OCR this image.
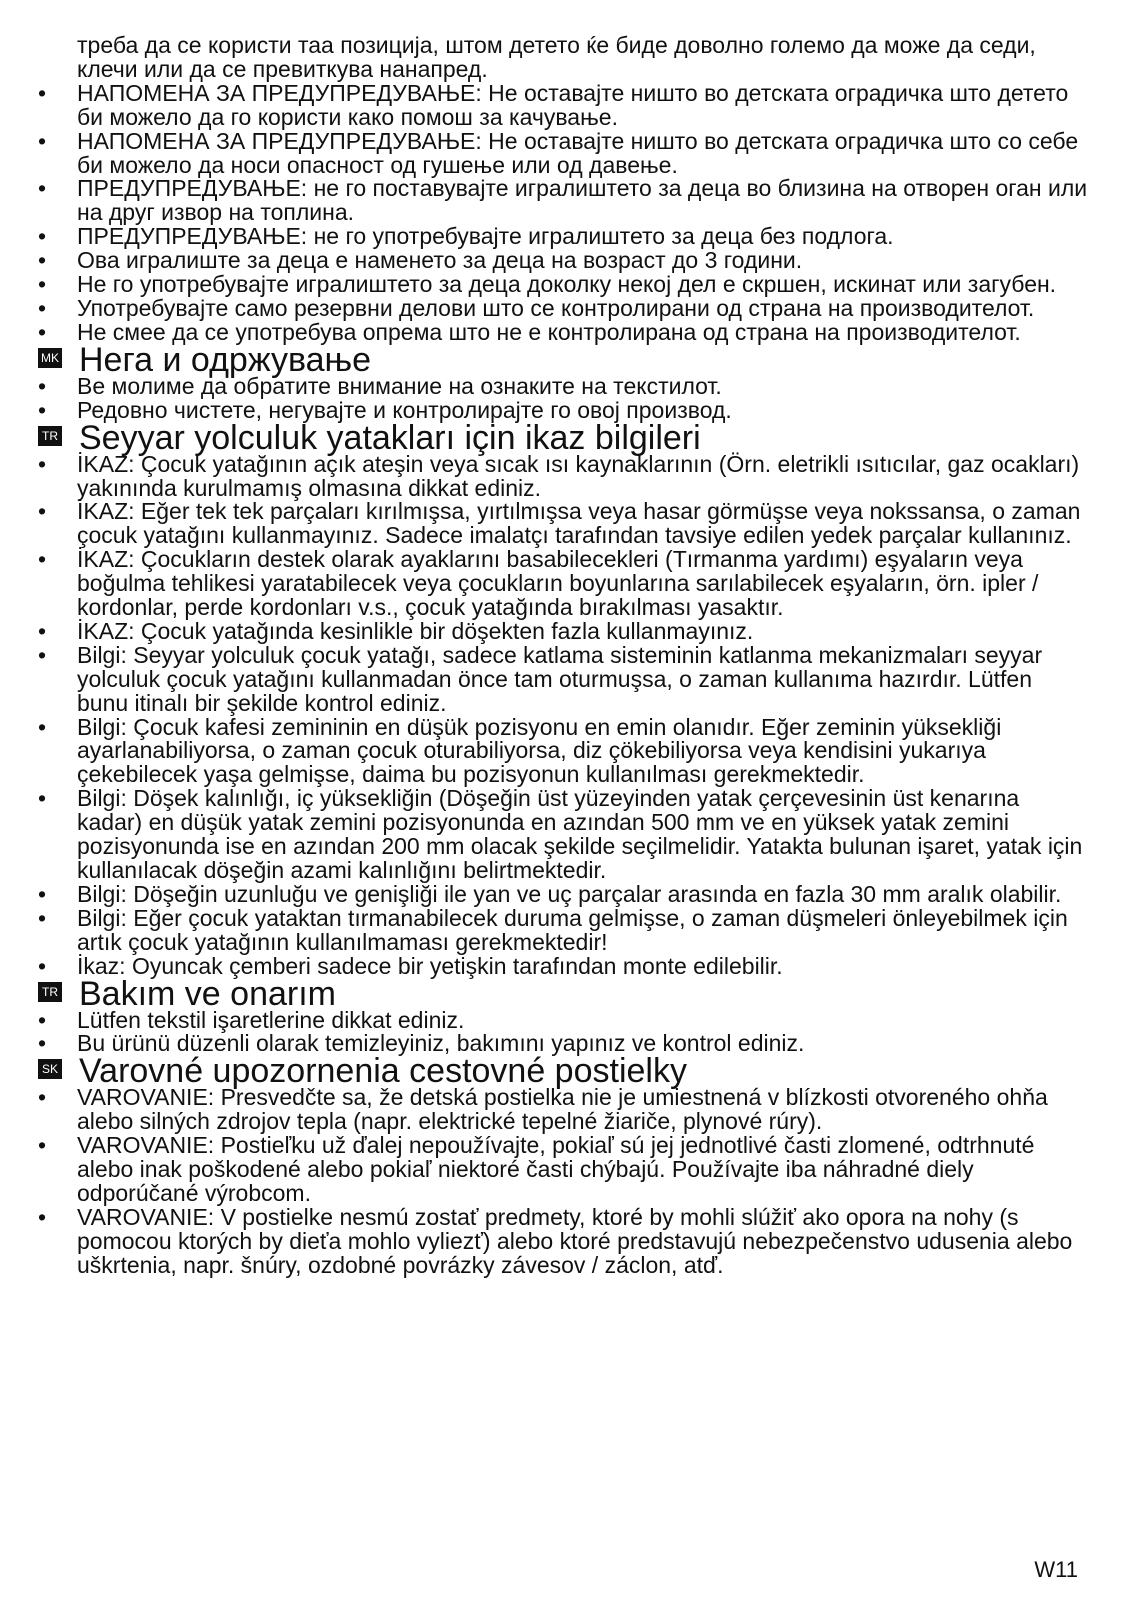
треба да се користи таа позиција, штом детето ќе биде доволно големо да може да седи, клечи или да се превиткува нанапред.
• НАПОМЕНА ЗА ПРЕДУПРЕДУВАЊЕ: Не оставајте ништо во детската оградичка што детето би можело да го користи како помош за качување.
• НАПОМЕНА ЗА ПРЕДУПРЕДУВАЊЕ: Не оставајте ништо во детската оградичка што со себе би можело да носи опасност од гушење или од давење.
• ПРЕДУПРЕДУВАЊЕ: не го поставувајте игралиштето за деца во близина на отворен оган или на друг извор на топлина.
• ПРЕДУПРЕДУВАЊЕ: не го употребувајте игралиштето за деца без подлога.
• Ова игралиште за деца е наменето за деца на возраст до 3 години.
• Не го употребувајте игралиштето за деца доколку некој дел е скршен, искинат или загубен.
• Употребувајте само резервни делови што се контролирани од страна на производителот.
• Не смее да се употребува опрема што не е контролирана од страна на производителот.
MK Нега и одржување
• Ве молиме да обратите внимание на ознаките на текстилот.
• Редовно чистете, негувајте и контролирајте го овој производ.
TR Seyyar yolculuk yatakları için ikaz bilgileri
• İKAZ: Çocuk yatağının açık ateşin veya sıcak ısı kaynaklarının (Örn. eletrikli ısıtıcılar, gaz ocakları) yakınında kurulmamış olmasına dikkat ediniz.
• İKAZ: Eğer tek tek parçaları kırılmışsa, yırtılmışsa veya hasar görmüşse veya nokssansa, o zaman çocuk yatağını kullanmayınız. Sadece imalatçı tarafından tavsiye edilen yedek parçalar kullanınız.
• İKAZ: Çocukların destek olarak ayaklarını basabilecekleri (Tırmanma yardımı) eşyaların veya boğulma tehlikesi yaratabilecek veya çocukların boyunlarına sarılabilecek eşyaların, örn. ipler / kordonlar, perde kordonları v.s., çocuk yatağında bırakılması yasaktır.
• İKAZ: Çocuk yatağında kesinlikle bir döşekten fazla kullanmayınız.
• Bilgi: Seyyar yolculuk çocuk yatağı, sadece katlama sisteminin katlanma mekanizmaları seyyar yolculuk çocuk yatağını kullanmadan önce tam oturmuşsa, o zaman kullanıma hazırdır. Lütfen bunu itinalı bir şekilde kontrol ediniz.
• Bilgi: Çocuk kafesi zemininin en düşük pozisyonu en emin olanıdır. Eğer zeminin yüksekliği ayarlanabiliyorsa, o zaman çocuk oturabiliyorsa, diz çökebiliyorsa veya kendisini yukarıya çekebilecek yaşa gelmişse, daima bu pozisyonun kullanılması gerekmektedir.
• Bilgi: Döşek kalınlığı, iç yüksekliğin (Döşeğin üst yüzeyinden yatak çerçevesinin üst kenarına kadar) en düşük yatak zemini pozisyonunda en azından 500 mm ve en yüksek yatak zemini pozisyonunda ise en azından 200 mm olacak şekilde seçilmelidir. Yatakta bulunan işaret, yatak için kullanılacak döşeğin azami kalınlığını belirtmektedir.
• Bilgi: Döşeğin uzunluğu ve genişliği ile yan ve uç parçalar arasında en fazla 30 mm aralık olabilir.
• Bilgi: Eğer çocuk yataktan tırmanabilecek duruma gelmişse, o zaman düşmeleri önleyebilmek için artık çocuk yatağının kullanılmaması gerekmektedir!
• İkaz: Oyuncak çemberi sadece bir yetişkin tarafından monte edilebilir.
TR Bakım ve onarım
• Lütfen tekstil işaretlerine dikkat ediniz.
• Bu ürünü düzenli olarak temizleyiniz, bakımını yapınız ve kontrol ediniz.
SK Varovné upozornenia cestovné postielky
• VAROVANIE: Presvedčte sa, že detská postielka nie je umiestnená v blízkosti otvoreného ohňa alebo silných zdrojov tepla (napr. elektrické tepelné žiariče, plynové rúry).
• VAROVANIE: Postieľku už ďalej nepoužívajte, pokiaľ sú jej jednotlivé časti zlomené, odtrhnuté alebo inak poškodené alebo pokiaľ niektoré časti chýbajú. Používajte iba náhradné diely odporúčané výrobcom.
• VAROVANIE: V postielke nesmú zostať predmety, ktoré by mohli slúžiť ako opora na nohy (s pomocou ktorých by dieťa mohlo vyliezť) alebo ktoré predstavujú nebezpečenstvo udusenia alebo uškrtenia, napr. šnúry, ozdobné povrázky závesov / záclon, atď.
W11
